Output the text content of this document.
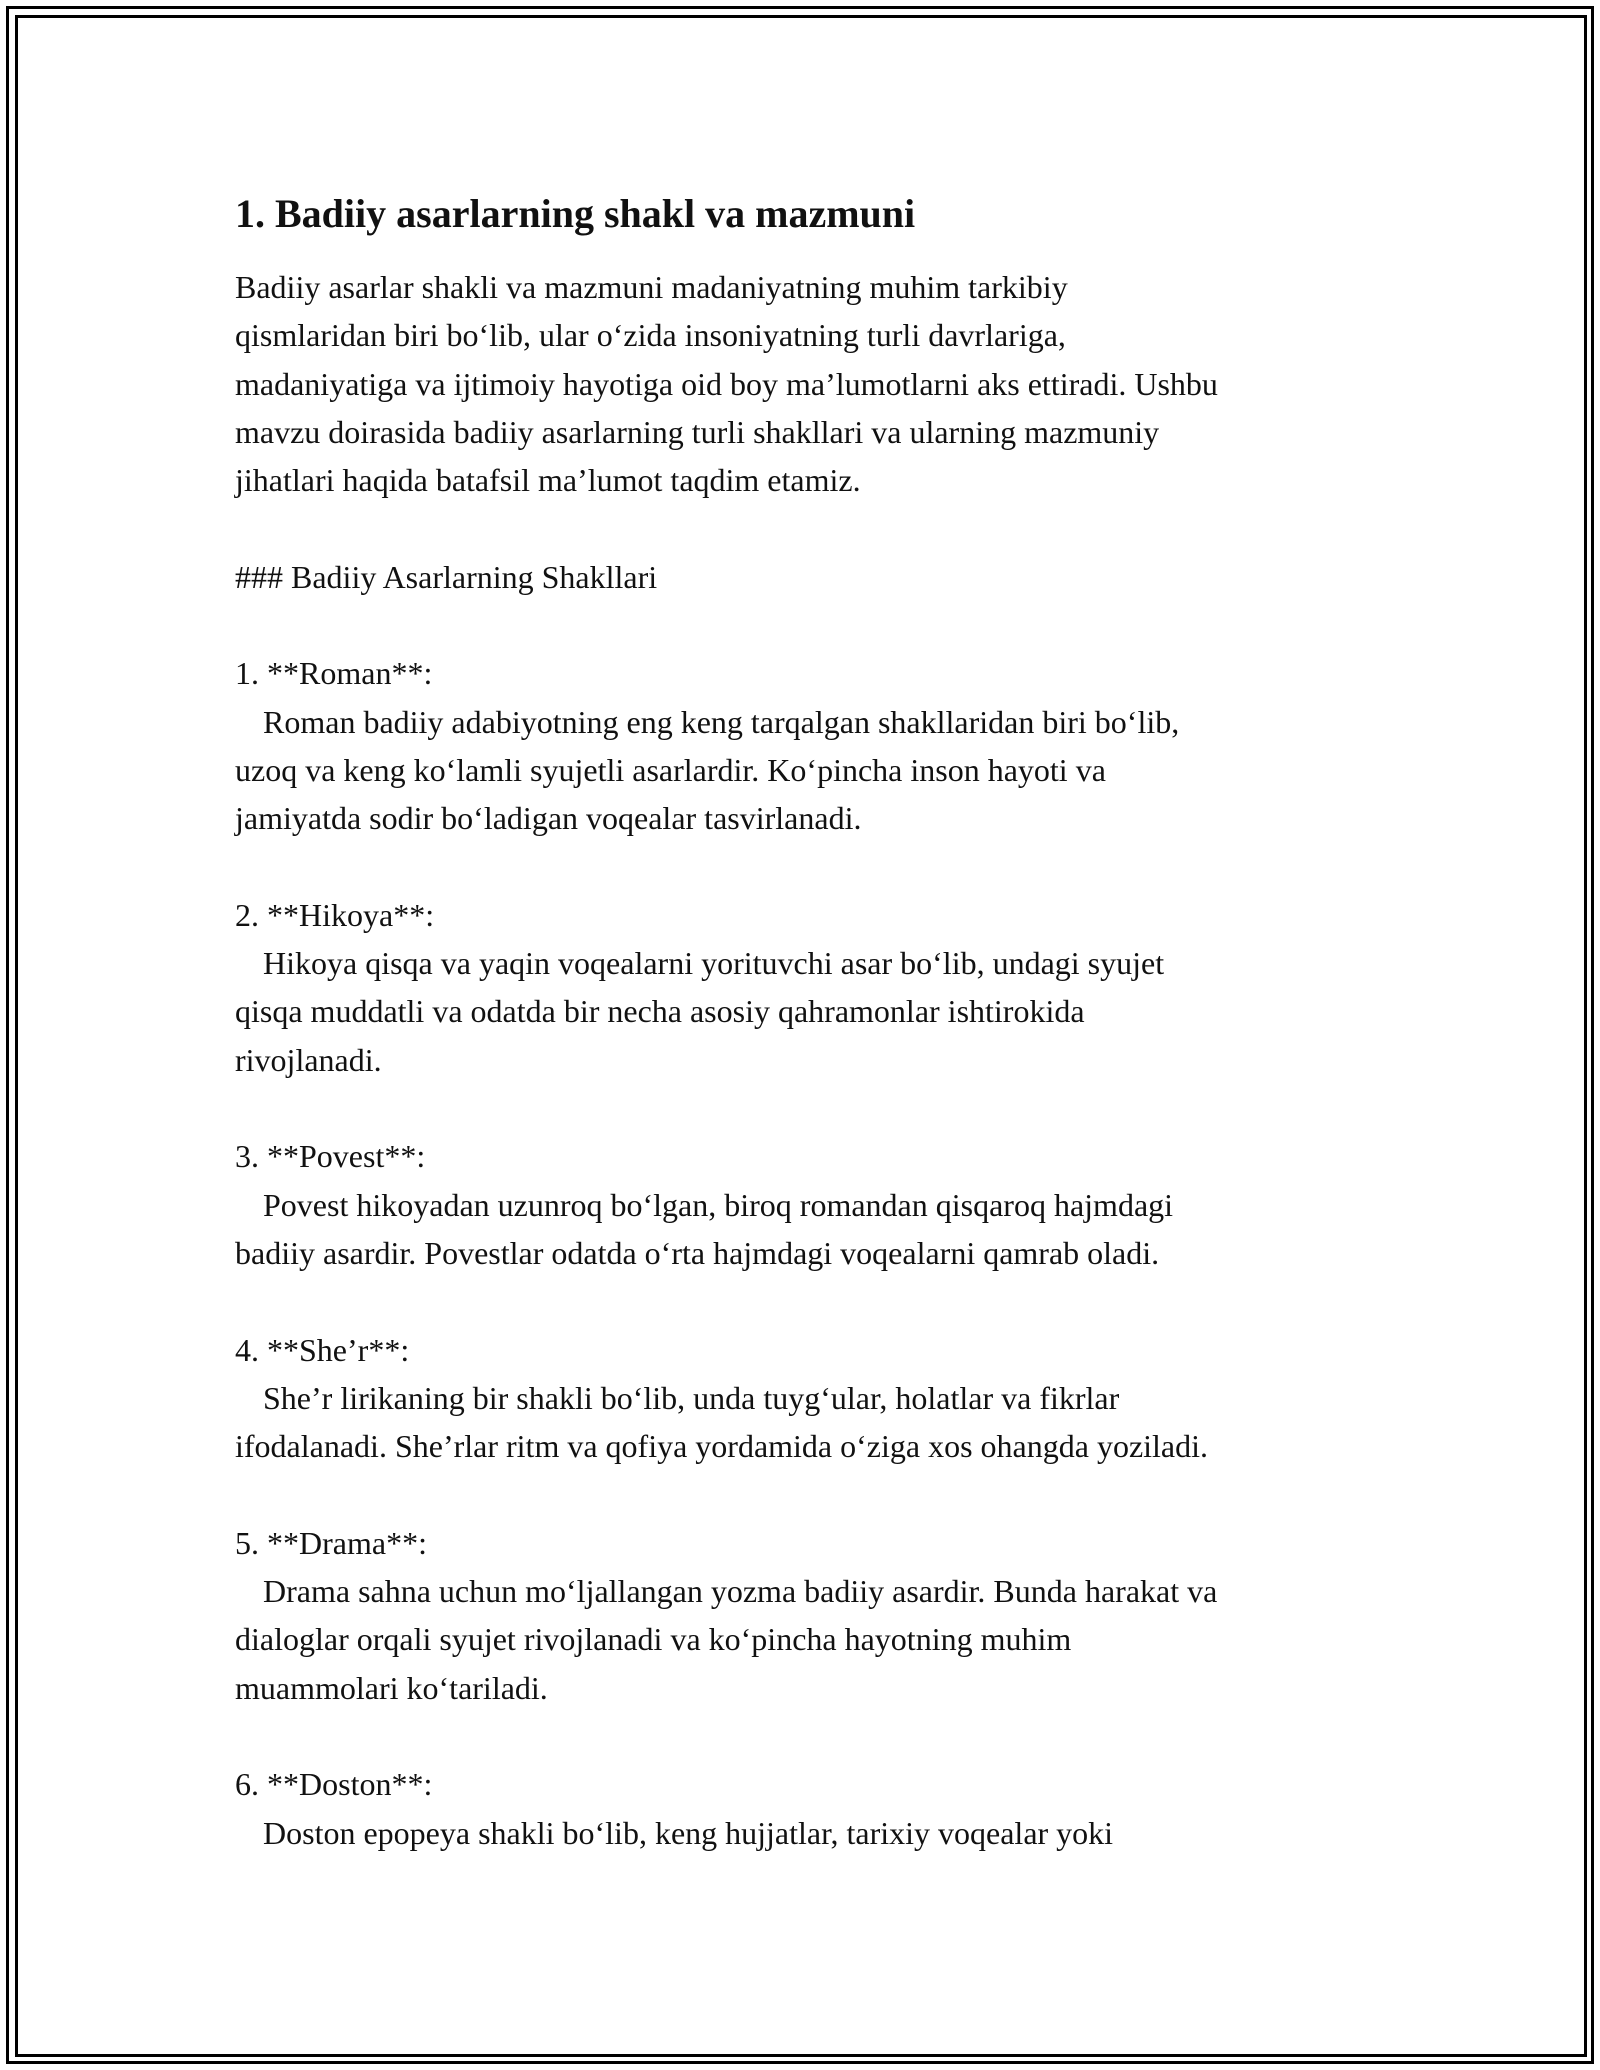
1. Badiiy asarlarning shakl va mazmuni

Badiiy asarlar shakli va mazmuni madaniyatning muhim tarkibiy

qismlaridan biri bo‘lib, ular o‘zida insoniyatning turli davrlariga,

madaniyatiga va ijtimoiy hayotiga oid boy ma’lumotlarni aks ettiradi. Ushbu

mavzu doirasida badiiy asarlarning turli shakllari va ularning mazmuniy

jihatlari haqida batafsil ma’lumot taqdim etamiz.

### Badiiy Asarlarning Shakllari

1. **Roman**:

Roman badiiy adabiyotning eng keng tarqalgan shakllaridan biri bo‘lib,

uzoq va keng ko‘lamli syujetli asarlardir. Ko‘pincha inson hayoti va

jamiyatda sodir bo‘ladigan voqealar tasvirlanadi.

2. **Hikoya**:

Hikoya qisqa va yaqin voqealarni yorituvchi asar bo‘lib, undagi syujet

qisqa muddatli va odatda bir necha asosiy qahramonlar ishtirokida

rivojlanadi.

3. **Povest**:

Povest hikoyadan uzunroq bo‘lgan, biroq romandan qisqaroq hajmdagi

badiiy asardir. Povestlar odatda o‘rta hajmdagi voqealarni qamrab oladi.

4. **She’r**:

She’r lirikaning bir shakli bo‘lib, unda tuyg‘ular, holatlar va fikrlar

ifodalanadi. She’rlar ritm va qofiya yordamida o‘ziga xos ohangda yoziladi.

5. **Drama**:

Drama sahna uchun mo‘ljallangan yozma badiiy asardir. Bunda harakat va

dialoglar orqali syujet rivojlanadi va ko‘pincha hayotning muhim

muammolari ko‘tariladi.

6. **Doston**:

Doston epopeya shakli bo‘lib, keng hujjatlar, tarixiy voqealar yoki
